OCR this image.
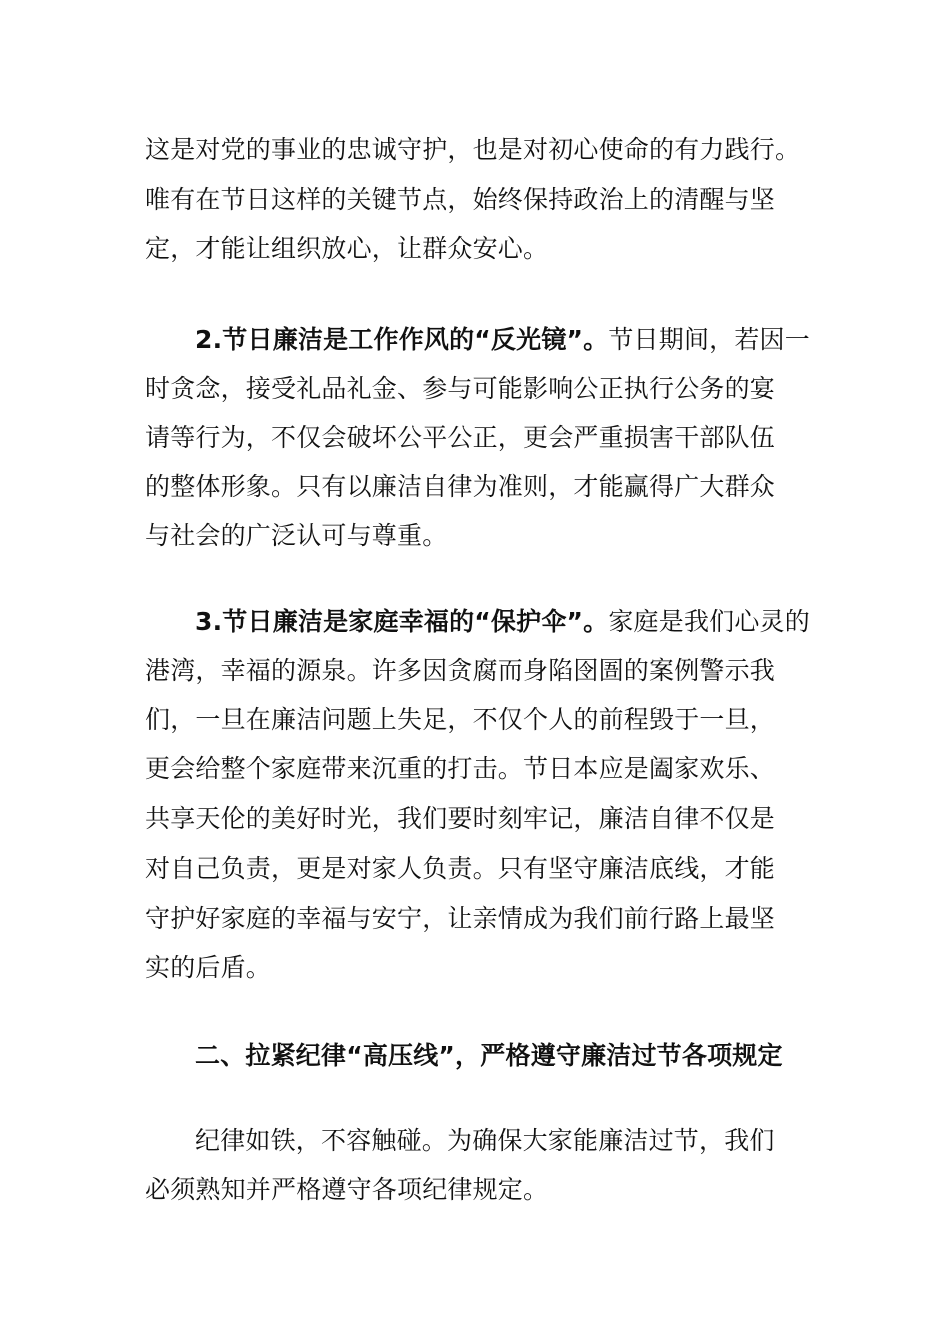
这是对党的事业的忠诚守护，也是对初心使命的有力践行。
唯有在节日这样的关键节点，始终保持政治上的清醒与坚
定，才能让组织放心，让群众安心。
2.节日廉洁是工作作风的“反光镜”。节日期间，若因一
时贪念，接受礼品礼金、参与可能影响公正执行公务的宴
请等行为，不仅会破坏公平公正，更会严重损害干部队伍
的整体形象。只有以廉洁自律为准则，才能赢得广大群众
与社会的广泛认可与尊重。
3.节日廉洁是家庭幸福的“保护伞”。家庭是我们心灵的
港湾，幸福的源泉。许多因贪腐而身陷囹圄的案例警示我
们，一旦在廉洁问题上失足，不仅个人的前程毁于一旦，
更会给整个家庭带来沉重的打击。节日本应是阖家欢乐、
共享天伦的美好时光，我们要时刻牢记，廉洁自律不仅是
对自己负责，更是对家人负责。只有坚守廉洁底线，才能
守护好家庭的幸福与安宁，让亲情成为我们前行路上最坚
实的后盾。
二、拉紧纪律“高压线”，严格遵守廉洁过节各项规定
纪律如铁，不容触碰。为确保大家能廉洁过节，我们
必须熟知并严格遵守各项纪律规定。
